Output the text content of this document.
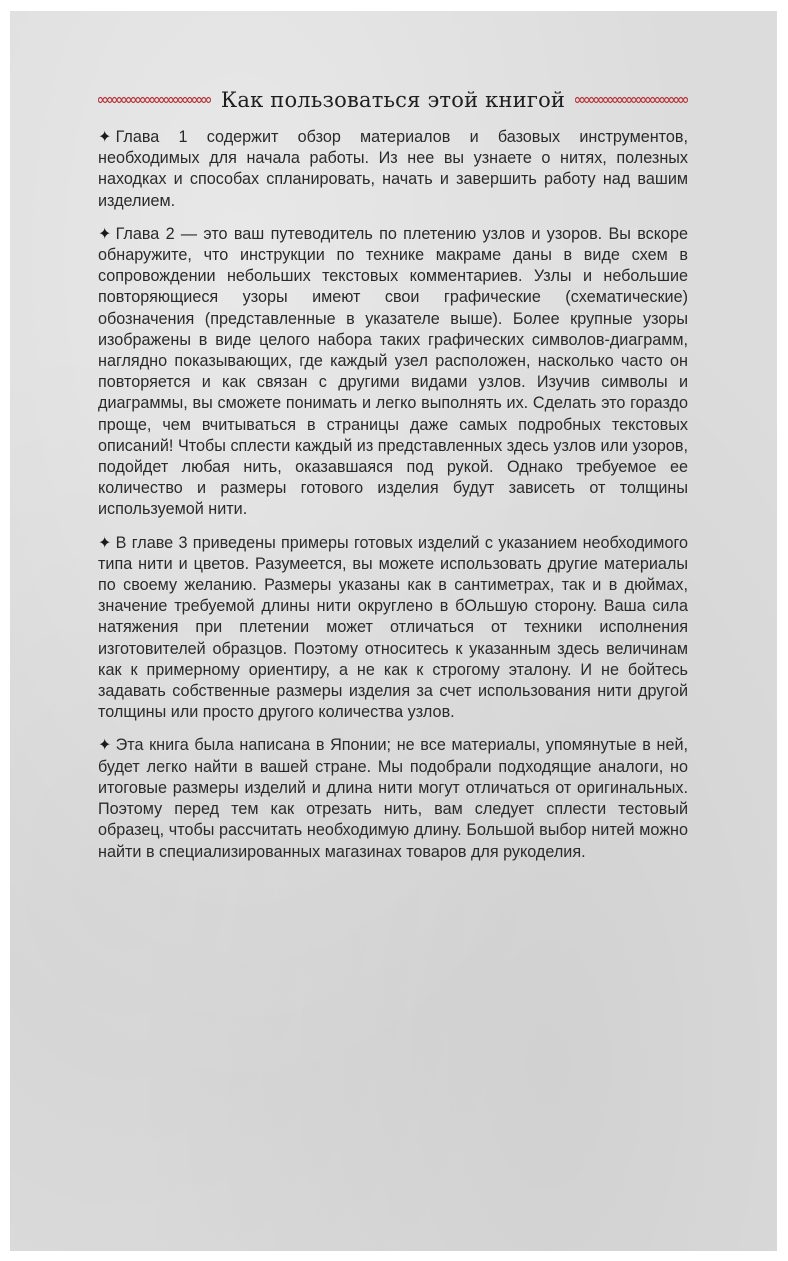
Как пользоваться этой книгой

✦ Глава 1 содержит обзор материалов и базовых инструментов, необходимых для начала работы. Из нее вы узнаете о нитях, полезных находках и способах спланировать, начать и завершить работу над вашим изделием.

✦ Глава 2 — это ваш путеводитель по плетению узлов и узоров. Вы вскоре обнаружите, что инструкции по технике макраме даны в виде схем в сопровождении небольших текстовых комментариев. Узлы и небольшие повторяющиеся узоры имеют свои графические (схематические) обозначения (представленные в указателе выше). Более крупные узоры изображены в виде целого набора таких графических символов-диаграмм, наглядно показывающих, где каждый узел расположен, насколько часто он повторяется и как связан с другими видами узлов. Изучив символы и диаграммы, вы сможете понимать и легко выполнять их. Сделать это гораздо проще, чем вчитываться в страницы даже самых подробных текстовых описаний! Чтобы сплести каждый из представленных здесь узлов или узоров, подойдет любая нить, оказавшаяся под рукой. Однако требуемое ее количество и размеры готового изделия будут зависеть от толщины используемой нити.

✦ В главе 3 приведены примеры готовых изделий с указанием необходимого типа нити и цветов. Разумеется, вы можете использовать другие материалы по своему желанию. Размеры указаны как в сантиметрах, так и в дюймах, значение требуемой длины нити округлено в бОльшую сторону. Ваша сила натяжения при плетении может отличаться от техники исполнения изготовителей образцов. Поэтому относитесь к указанным здесь величинам как к примерному ориентиру, а не как к строгому эталону. И не бойтесь задавать собственные размеры изделия за счет использования нити другой толщины или просто другого количества узлов.

✦ Эта книга была написана в Японии; не все материалы, упомянутые в ней, будет легко найти в вашей стране. Мы подобрали подходящие аналоги, но итоговые размеры изделий и длина нити могут отличаться от оригинальных. Поэтому перед тем как отрезать нить, вам следует сплести тестовый образец, чтобы рассчитать необходимую длину. Большой выбор нитей можно найти в специализированных магазинах товаров для рукоделия.
